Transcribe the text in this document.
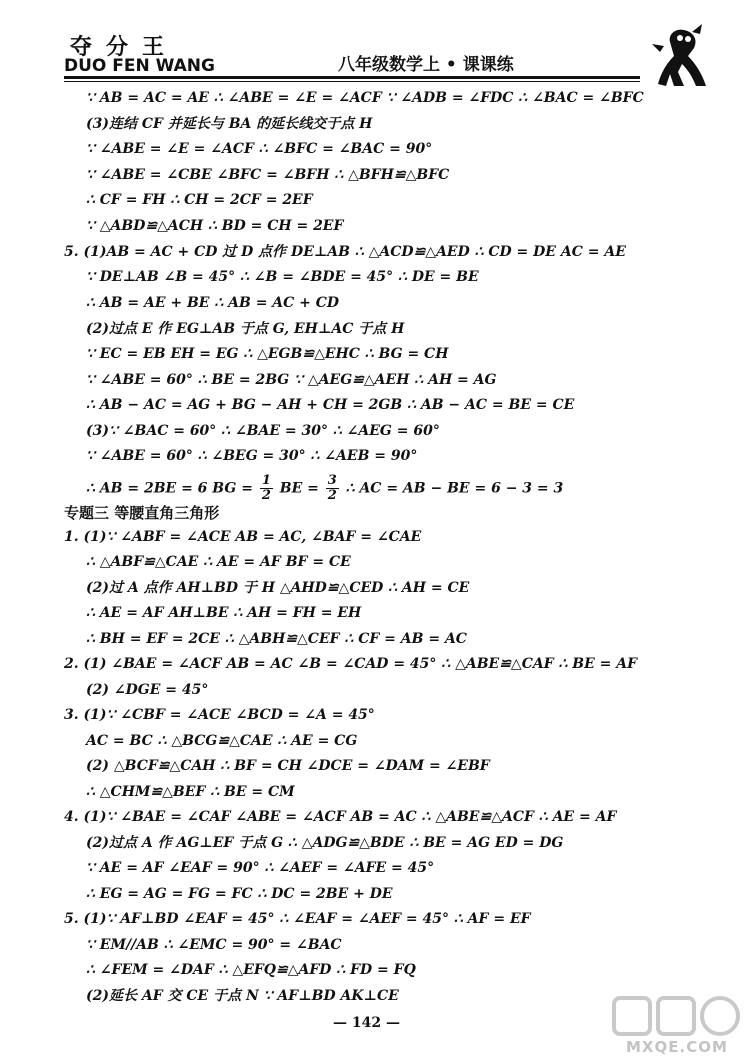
夺分王
DUO FEN WANG	八年级数学上 • 课课练
∵ AB = AC = AE ∴ ∠ABE = ∠E = ∠ACF ∵ ∠ADB = ∠FDC ∴ ∠BAC = ∠BFC
(3)连结 CF 并延长与 BA 的延长线交于点 H
∵ ∠ABE = ∠E = ∠ACF ∴ ∠BFC = ∠BAC = 90°
∵ ∠ABE = ∠CBE ∠BFC = ∠BFH ∴ △BFH≌△BFC
∴ CF = FH ∴ CH = 2CF = 2EF
∵ △ABD≌△ACH ∴ BD = CH = 2EF
5. (1)AB = AC + CD 过 D 点作 DE⊥AB ∴ △ACD≌△AED ∴ CD = DE AC = AE
∵ DE⊥AB ∠B = 45° ∴ ∠B = ∠BDE = 45° ∴ DE = BE
∴ AB = AE + BE ∴ AB = AC + CD
(2)过点 E 作 EG⊥AB 于点 G, EH⊥AC 于点 H
∵ EC = EB EH = EG ∴ △EGB≌△EHC ∴ BG = CH
∵ ∠ABE = 60° ∴ BE = 2BG ∵ △AEG≌△AEH ∴ AH = AG
∴ AB − AC = AG + BG − AH + CH = 2GB ∴ AB − AC = BE = CE
(3)∵ ∠BAC = 60° ∴ ∠BAE = 30° ∴ ∠AEG = 60°
∵ ∠ABE = 60° ∴ ∠BEG = 30° ∴ ∠AEB = 90°
∴ AB = 2BE = 6 BG = $\frac{1}{2}$ BE = $\frac{3}{2}$ ∴ AC = AB − BE = 6 − 3 = 3
专题三 等腰直角三角形
1. (1)∵ ∠ABF = ∠ACE AB = AC, ∠BAF = ∠CAE
∴ △ABF≌△CAE ∴ AE = AF BF = CE
(2)过 A 点作 AH⊥BD 于 H △AHD≌△CED ∴ AH = CE
∴ AE = AF AH⊥BE ∴ AH = FH = EH
∴ BH = EF = 2CE ∴ △ABH≌△CEF ∴ CF = AB = AC
2. (1) ∠BAE = ∠ACF AB = AC ∠B = ∠CAD = 45° ∴ △ABE≌△CAF ∴ BE = AF
(2) ∠DGE = 45°
3. (1)∵ ∠CBF = ∠ACE ∠BCD = ∠A = 45°
AC = BC ∴ △BCG≌△CAE ∴ AE = CG
(2) △BCF≌△CAH ∴ BF = CH ∠DCE = ∠DAM = ∠EBF
∴ △CHM≌△BEF ∴ BE = CM
4. (1)∵ ∠BAE = ∠CAF ∠ABE = ∠ACF AB = AC ∴ △ABE≌△ACF ∴ AE = AF
(2)过点 A 作 AG⊥EF 于点 G ∴ △ADG≌△BDE ∴ BE = AG ED = DG
∵ AE = AF ∠EAF = 90° ∴ ∠AEF = ∠AFE = 45°
∴ EG = AG = FG = FC ∴ DC = 2BE + DE
5. (1)∵ AF⊥BD ∠EAF = 45° ∴ ∠EAF = ∠AEF = 45° ∴ AF = EF
∵ EM//AB ∴ ∠EMC = 90° = ∠BAC
∴ ∠FEM = ∠DAF ∴ △EFQ≌△AFD ∴ FD = FQ
(2)延长 AF 交 CE 于点 N ∵ AF⊥BD AK⊥CE
— 142 —
MXQE.COM
